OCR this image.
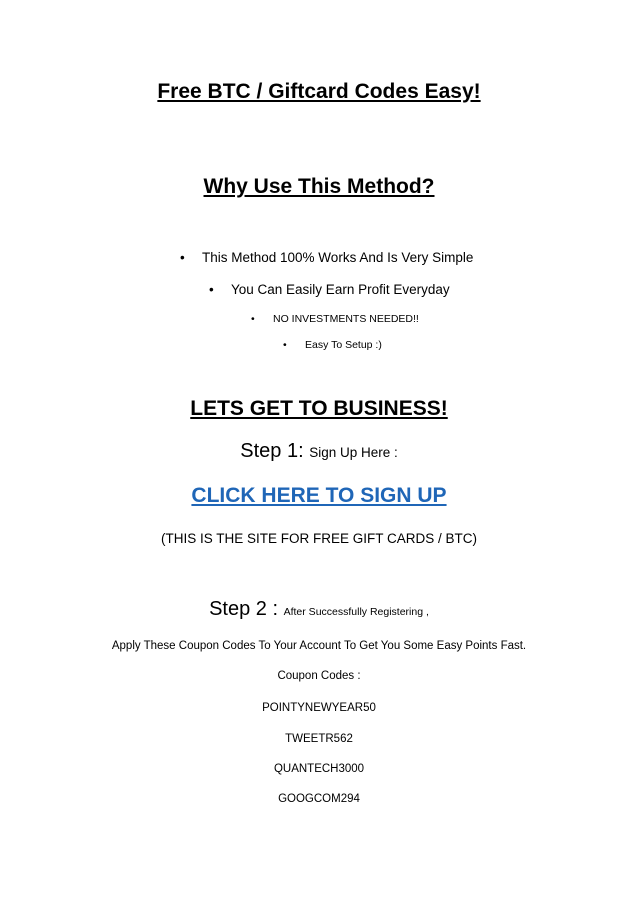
Free BTC / Giftcard Codes Easy!
Why Use This Method?
• This Method 100% Works And Is Very Simple
• You Can Easily Earn Profit Everyday
• NO INVESTMENTS NEEDED!!
• Easy To Setup :)
LETS GET TO BUSINESS!
Step 1: Sign Up Here :
CLICK HERE TO SIGN UP
(THIS IS THE SITE FOR FREE GIFT CARDS / BTC)
Step 2 : After Successfully Registering ,
Apply These Coupon Codes To Your Account To Get You Some Easy Points Fast.
Coupon Codes :
POINTYNEWYEAR50
TWEETR562
QUANTECH3000
GOOGCOM294
